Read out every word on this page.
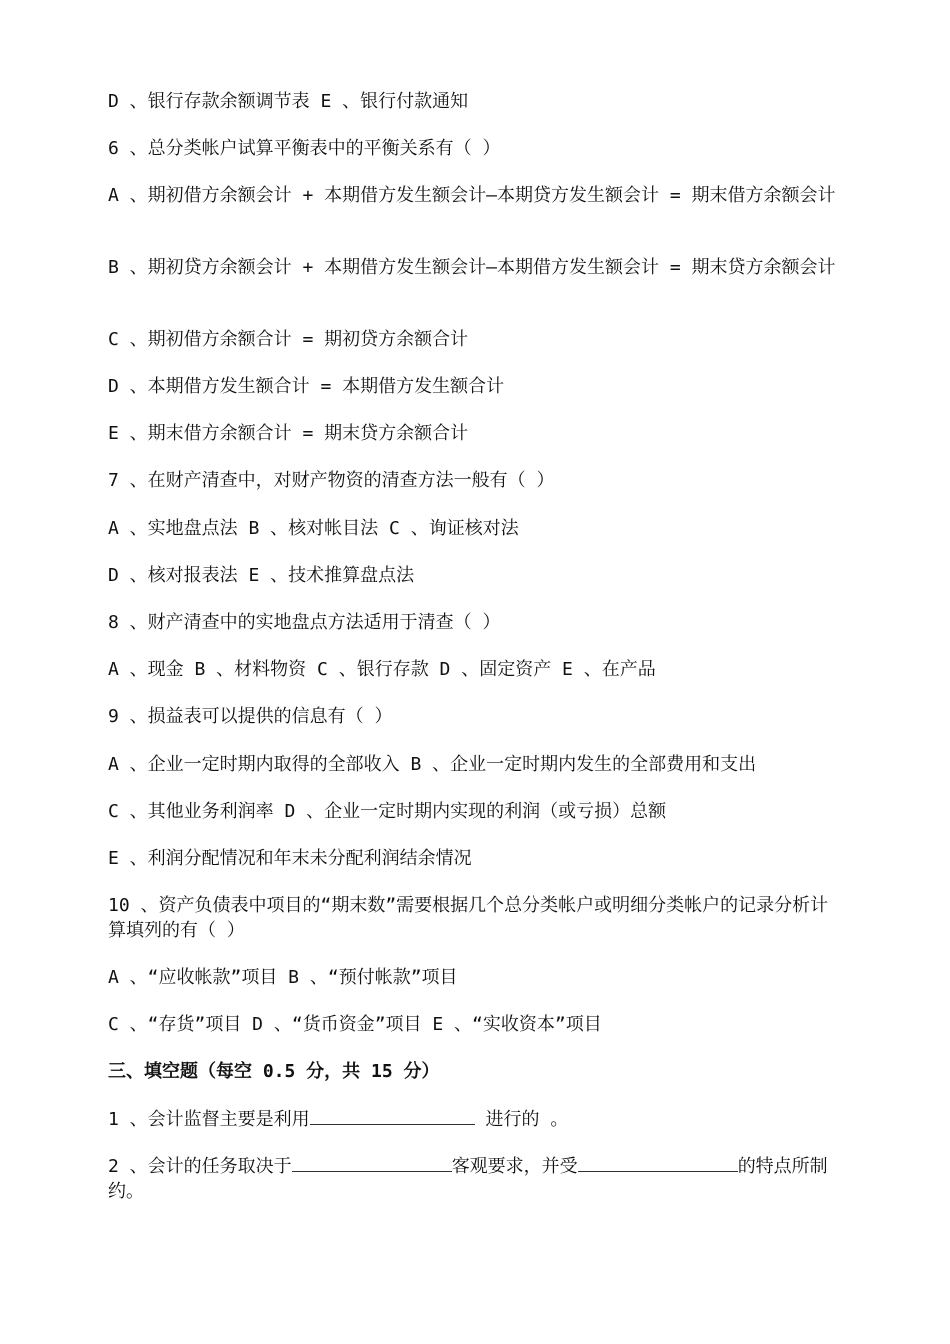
D 、银行存款余额调节表 E 、银行付款通知

6 、总分类帐户试算平衡表中的平衡关系有（ ）

A 、期初借方余额会计 + 本期借方发生额会计—本期贷方发生额会计 = 期末借方余额会计

B 、期初贷方余额会计 + 本期借方发生额会计—本期借方发生额会计 = 期末贷方余额会计

C 、期初借方余额合计 = 期初贷方余额合计

D 、本期借方发生额合计 = 本期借方发生额合计

E 、期末借方余额合计 = 期末贷方余额合计

7 、在财产清查中，对财产物资的清查方法一般有（ ）

A 、实地盘点法 B 、核对帐目法 C 、询证核对法

D 、核对报表法 E 、技术推算盘点法

8 、财产清查中的实地盘点方法适用于清查（ ）

A 、现金 B 、材料物资 C 、银行存款 D 、固定资产 E 、在产品

9 、损益表可以提供的信息有（ ）

A 、企业一定时期内取得的全部收入 B 、企业一定时期内发生的全部费用和支出

C 、其他业务利润率 D 、企业一定时期内实现的利润（或亏损）总额

E 、利润分配情况和年末未分配利润结余情况

10 、资产负债表中项目的“期末数”需要根据几个总分类帐户或明细分类帐户的记录分析计算填列的有（ ）

A 、“应收帐款”项目 B 、“预付帐款”项目

C 、“存货”项目 D 、“货币资金”项目 E 、“实收资本”项目

三、填空题（每空 0.5 分，共 15 分）

1 、会计监督主要是利用	进行的 。

2 、会计的任务取决于	客观要求，并受	的特点所制约。
